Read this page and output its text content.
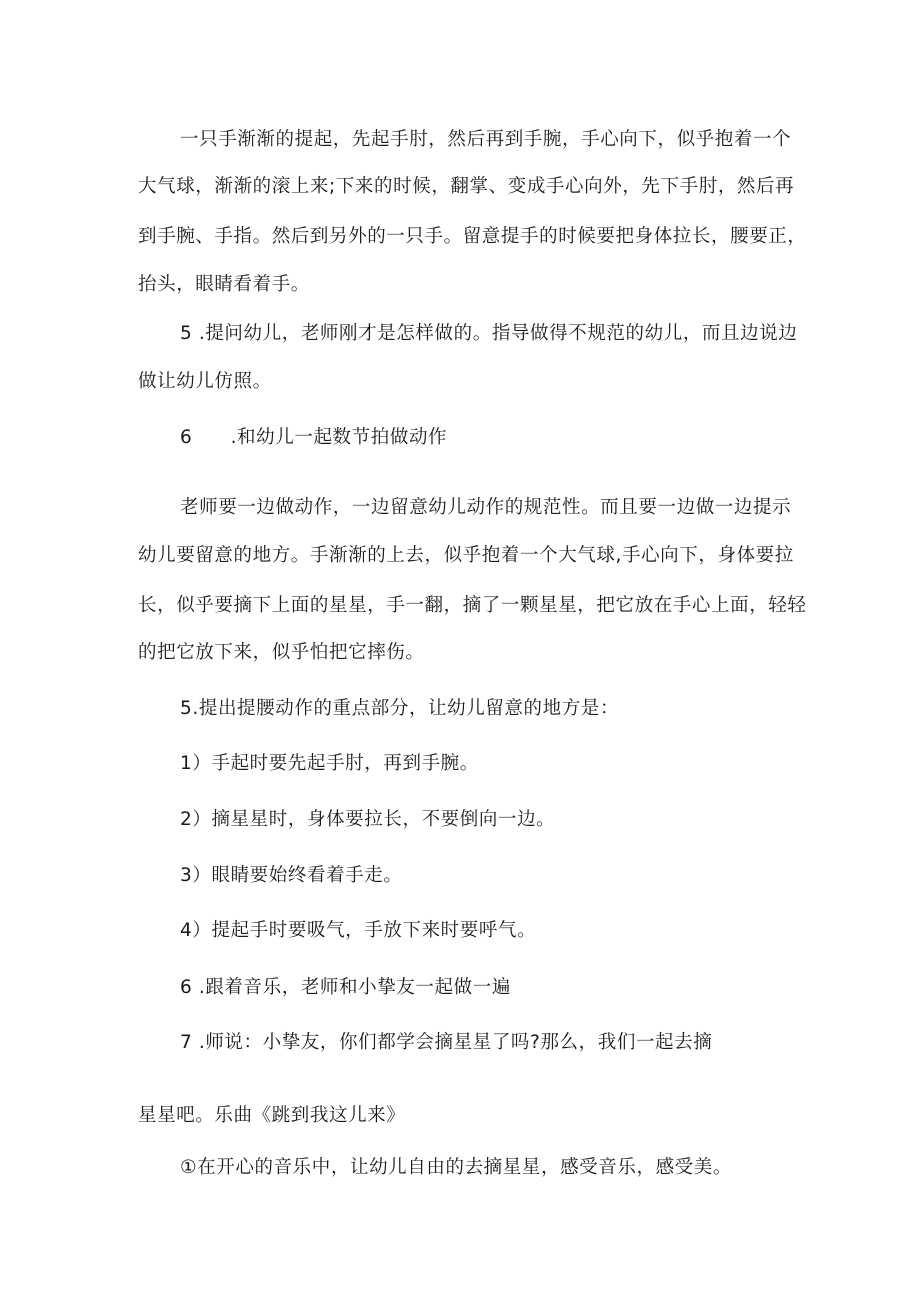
一只手渐渐的提起，先起手肘，然后再到手腕，手心向下，似乎抱着一个
大气球，渐渐的滚上来;下来的时候，翻掌、变成手心向外，先下手肘，然后再
到手腕、手指。然后到另外的一只手。留意提手的时候要把身体拉长，腰要正，
抬头，眼睛看着手。
5 .提问幼儿，老师刚才是怎样做的。指导做得不规范的幼儿，而且边说边
做让幼儿仿照。
6　　.和幼儿一起数节拍做动作
老师要一边做动作，一边留意幼儿动作的规范性。而且要一边做一边提示
幼儿要留意的地方。手渐渐的上去，似乎抱着一个大气球,手心向下，身体要拉
长，似乎要摘下上面的星星，手一翻，摘了一颗星星，把它放在手心上面，轻轻
的把它放下来，似乎怕把它摔伤。
5.提出提腰动作的重点部分，让幼儿留意的地方是：
1）手起时要先起手肘，再到手腕。
2）摘星星时，身体要拉长，不要倒向一边。
3）眼睛要始终看着手走。
4）提起手时要吸气，手放下来时要呼气。
6 .跟着音乐，老师和小挚友一起做一遍
7 .师说：小挚友，你们都学会摘星星了吗?那么，我们一起去摘
星星吧。乐曲《跳到我这儿来》
①在开心的音乐中，让幼儿自由的去摘星星，感受音乐，感受美。
